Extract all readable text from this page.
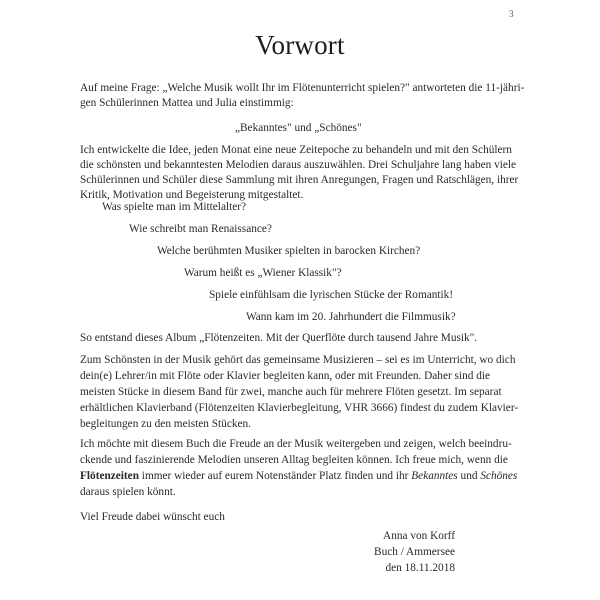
3
Vorwort
Auf meine Frage: „Welche Musik wollt Ihr im Flötenunterricht spielen?" antworteten die 11-jähri-
gen Schülerinnen Mattea und Julia einstimmig:
„Bekanntes" und „Schönes"
Ich entwickelte die Idee, jeden Monat eine neue Zeitepoche zu behandeln und mit den Schülern
die schönsten und bekanntesten Melodien daraus auszuwählen. Drei Schuljahre lang haben viele
Schülerinnen und Schüler diese Sammlung mit ihren Anregungen, Fragen und Ratschlägen, ihrer
Kritik, Motivation und Begeisterung mitgestaltet.
Was spielte man im Mittelalter?
Wie schreibt man Renaissance?
Welche berühmten Musiker spielten in barocken Kirchen?
Warum heißt es „Wiener Klassik"?
Spiele einfühlsam die lyrischen Stücke der Romantik!
Wann kam im 20. Jahrhundert die Filmmusik?
So entstand dieses Album „Flötenzeiten. Mit der Querflöte durch tausend Jahre Musik".
Zum Schönsten in der Musik gehört das gemeinsame Musizieren – sei es im Unterricht, wo dich
dein(e) Lehrer/in mit Flöte oder Klavier begleiten kann, oder mit Freunden. Daher sind die
meisten Stücke in diesem Band für zwei, manche auch für mehrere Flöten gesetzt. Im separat
erhältlichen Klavierband (Flötenzeiten Klavierbegleitung, VHR 3666) findest du zudem Klavier-
begleitungen zu den meisten Stücken.
Ich möchte mit diesem Buch die Freude an der Musik weitergeben und zeigen, welch beeindru-
ckende und faszinierende Melodien unseren Alltag begleiten können. Ich freue mich, wenn die
Flötenzeiten immer wieder auf eurem Notenständer Platz finden und ihr Bekanntes und Schönes
daraus spielen könnt.
Viel Freude dabei wünscht euch
Anna von Korff
Buch / Ammersee
den 18.11.2018
